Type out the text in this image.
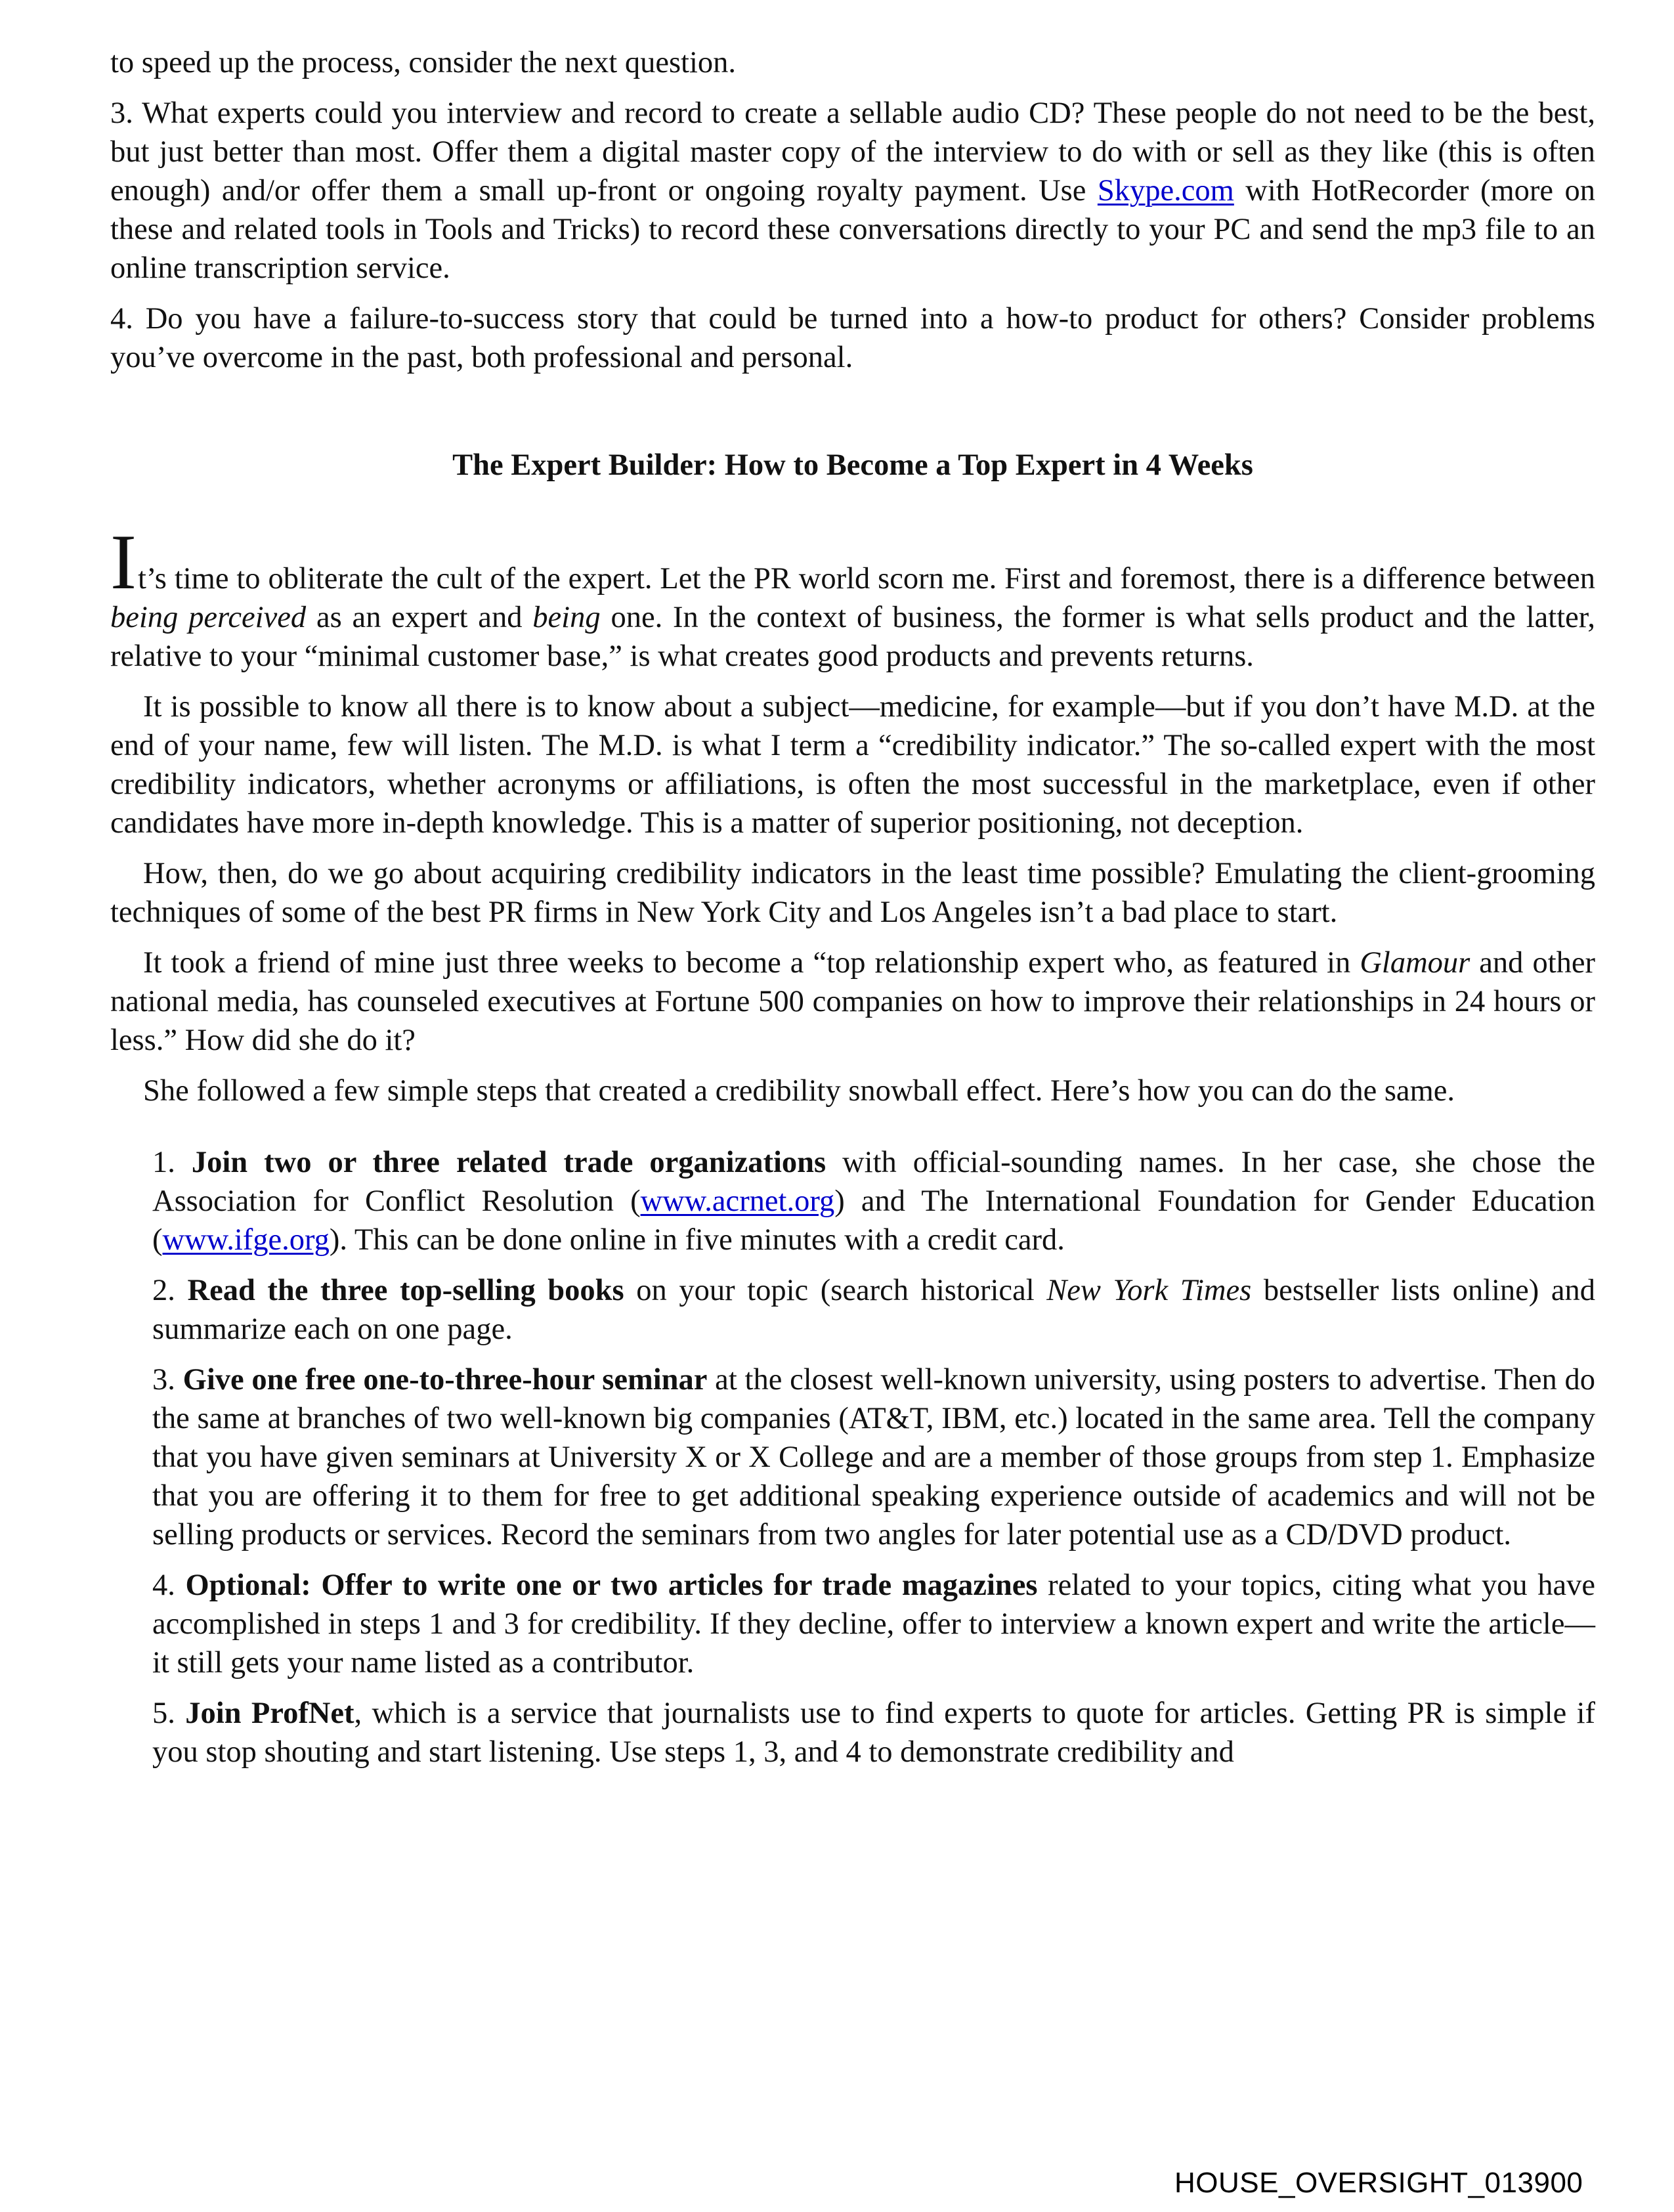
to speed up the process, consider the next question.

3. What experts could you interview and record to create a sellable audio CD? These people do not need to be the best, but just better than most. Offer them a digital master copy of the interview to do with or sell as they like (this is often enough) and/or offer them a small up-front or ongoing royalty payment. Use Skype.com with HotRecorder (more on these and related tools in Tools and Tricks) to record these conversations directly to your PC and send the mp3 file to an online transcription service.

4. Do you have a failure-to-success story that could be turned into a how-to product for others? Consider problems you’ve overcome in the past, both professional and personal.

The Expert Builder: How to Become a Top Expert in 4 Weeks

It’s time to obliterate the cult of the expert. Let the PR world scorn me. First and foremost, there is a difference between being perceived as an expert and being one. In the context of business, the former is what sells product and the latter, relative to your “minimal customer base,” is what creates good products and prevents returns.

It is possible to know all there is to know about a subject—medicine, for example—but if you don’t have M.D. at the end of your name, few will listen. The M.D. is what I term a “credibility indicator.” The so-called expert with the most credibility indicators, whether acronyms or affiliations, is often the most successful in the marketplace, even if other candidates have more in-depth knowledge. This is a matter of superior positioning, not deception.

How, then, do we go about acquiring credibility indicators in the least time possible? Emulating the client-grooming techniques of some of the best PR firms in New York City and Los Angeles isn’t a bad place to start.

It took a friend of mine just three weeks to become a “top relationship expert who, as featured in Glamour and other national media, has counseled executives at Fortune 500 companies on how to improve their relationships in 24 hours or less.” How did she do it?

She followed a few simple steps that created a credibility snowball effect. Here’s how you can do the same.

1. Join two or three related trade organizations with official-sounding names. In her case, she chose the Association for Conflict Resolution (www.acrnet.org) and The International Foundation for Gender Education (www.ifge.org). This can be done online in five minutes with a credit card.

2. Read the three top-selling books on your topic (search historical New York Times bestseller lists online) and summarize each on one page.

3. Give one free one-to-three-hour seminar at the closest well-known university, using posters to advertise. Then do the same at branches of two well-known big companies (AT&T, IBM, etc.) located in the same area. Tell the company that you have given seminars at University X or X College and are a member of those groups from step 1. Emphasize that you are offering it to them for free to get additional speaking experience outside of academics and will not be selling products or services. Record the seminars from two angles for later potential use as a CD/DVD product.

4. Optional: Offer to write one or two articles for trade magazines related to your topics, citing what you have accomplished in steps 1 and 3 for credibility. If they decline, offer to interview a known expert and write the article—it still gets your name listed as a contributor.

5. Join ProfNet, which is a service that journalists use to find experts to quote for articles. Getting PR is simple if you stop shouting and start listening. Use steps 1, 3, and 4 to demonstrate credibility and

HOUSE_OVERSIGHT_013900
